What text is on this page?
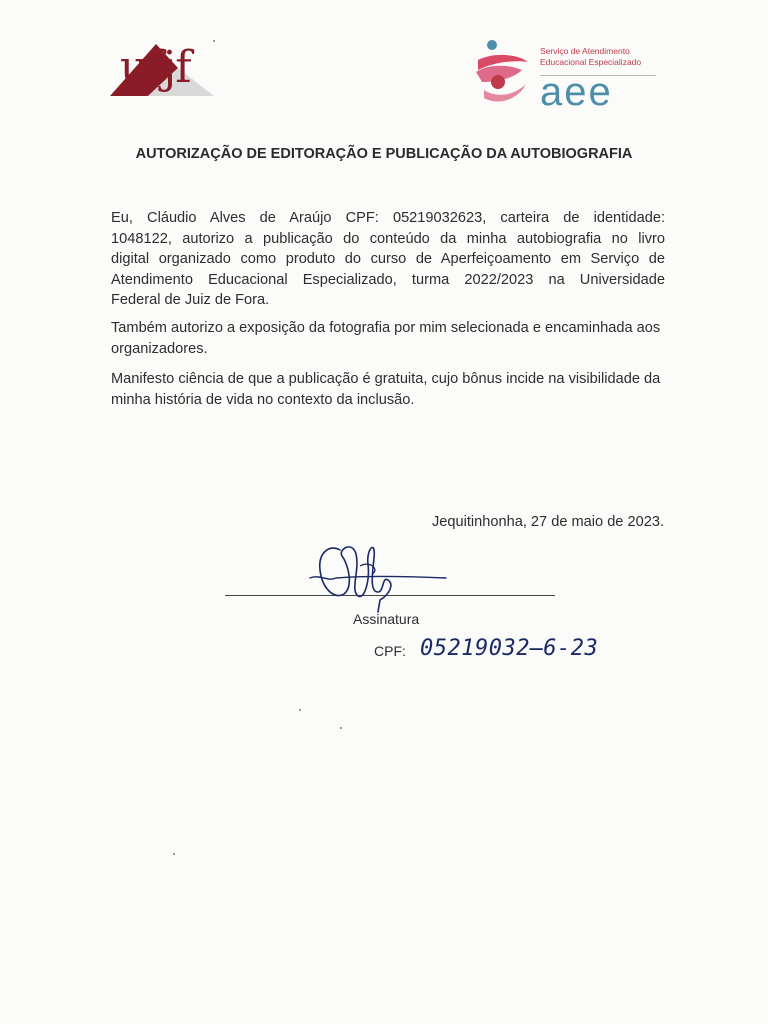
ufjf	Serviço de Atendimento
Educacional Especializado
aee
AUTORIZAÇÃO DE EDITORAÇÃO E PUBLICAÇÃO DA AUTOBIOGRAFIA
Eu, Cláudio Alves de Araújo CPF: 05219032623, carteira de identidade:
1048122, autorizo a publicação do conteúdo da minha autobiografia no livro
digital organizado como produto do curso de Aperfeiçoamento em Serviço de
Atendimento Educacional Especializado, turma 2022/2023 na Universidade
Federal de Juiz de Fora.
Também autorizo a exposição da fotografia por mim selecionada e encaminhada aos organizadores.
Manifesto ciência de que a publicação é gratuita, cujo bônus incide na visibilidade da minha história de vida no contexto da inclusão.
Jequitinhonha, 27 de maio de 2023.
Assinatura
CPF: 05219032̶6-23
